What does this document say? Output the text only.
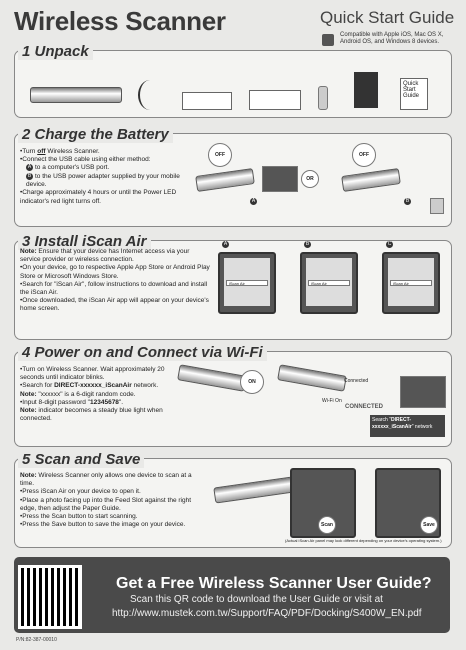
Wireless Scanner	Quick Start Guide
Compatible with Apple iOS, Mac OS X, Android OS, and Windows 8 devices.
1 Unpack
Quick Start Guide
2 Charge the Battery
• Turn off Wireless Scanner.
• Connect the USB cable using either method:
A to a computer's USB port.
B to the USB power adapter supplied by your mobile device.
• Charge approximately 4 hours or until the Power LED indicator's red light turns off.
OFF
A
OR
OFF
B
3 Install iScan Air
Note: Ensure that your device has Internet access via your service provider or wireless connection.
• On your device, go to respective Apple App Store or Android Play Store or Microsoft Windows Store.
• Search for "iScan Air", follow instructions to download and install the iScan Air.
• Once downloaded, the iScan Air app will appear on your device's home screen.
A
iScan Air
B
iScan Air
C
iScan Air
4 Power on and Connect via Wi-Fi
• Turn on Wireless Scanner. Wait approximately 20 seconds until indicator blinks.
• Search for DIRECT-xxxxxx_iScanAir network.
Note: "xxxxxx" is a 6-digit random code.
• Input 8-digit password "12345678".
Note: indicator becomes a steady blue light when connected.
ON
Wi-Fi On
Connected
CONNECTED
Search "DIRECT-xxxxxx_iScanAir" network
5 Scan and Save
Note: Wireless Scanner only allows one device to scan at a time.
• Press iScan Air on your device to open it.
• Place a photo facing up into the Feed Slot against the right edge, then adjust the Paper Guide.
• Press the Scan button to start scanning.
• Press the Save button to save the image on your device.	Scan	Save
(Actual iScan Air panel may look different depending on your device's operating system.)
Get a Free Wireless Scanner User Guide?
Scan this QR code to download the User Guide or visit at
http://www.mustek.com.tw/Support/FAQ/PDF/Docking/S400W_EN.pdf
P/N:82-387-00010
